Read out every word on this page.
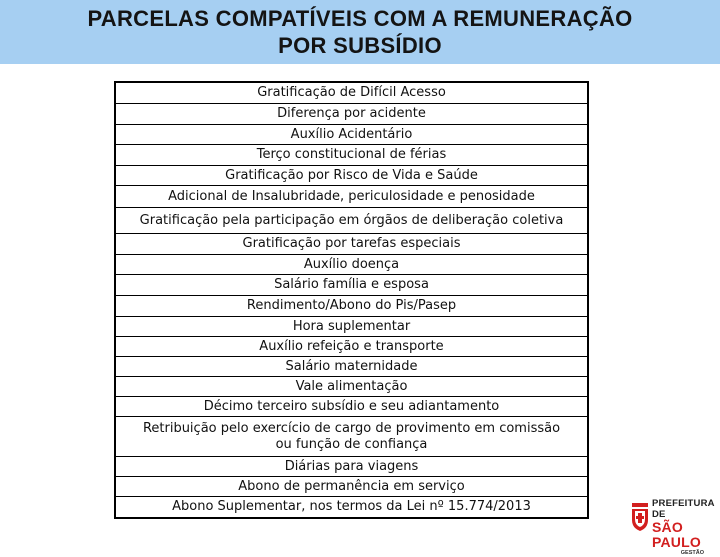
PARCELAS COMPATÍVEIS COM A REMUNERAÇÃO
POR SUBSÍDIO
Gratificação de Difícil Acesso
Diferença por acidente
Auxílio Acidentário
Terço constitucional de férias
Gratificação por Risco de Vida e Saúde
Adicional de Insalubridade, periculosidade e penosidade
Gratificação pela participação em órgãos de deliberação coletiva
Gratificação por tarefas especiais
Auxílio doença
Salário família e esposa
Rendimento/Abono do Pis/Pasep
Hora suplementar
Auxílio refeição e transporte
Salário maternidade
Vale alimentação
Décimo terceiro subsídio e seu adiantamento
Retribuição pelo exercício de cargo de provimento em comissão
ou função de confiança
Diárias para viagens
Abono de permanência em serviço
Abono Suplementar, nos termos da Lei nº 15.774/2013	PREFEITURA DE
SÃO PAULO
GESTÃO
